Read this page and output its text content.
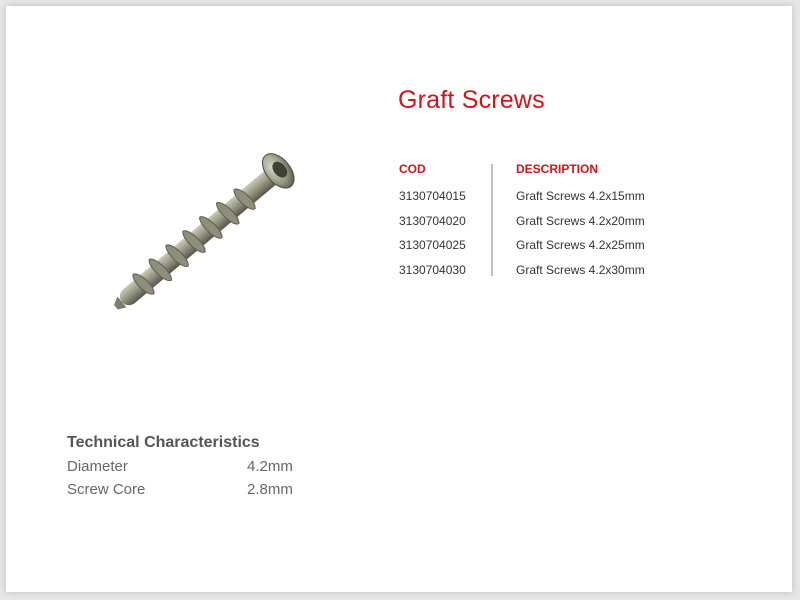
Graft Screws
COD	DESCRIPTION
3130704015	Graft Screws 4.2x15mm
3130704020	Graft Screws 4.2x20mm
3130704025	Graft Screws 4.2x25mm
3130704030	Graft Screws 4.2x30mm
Technical Characteristics
Diameter	4.2mm
Screw Core	2.8mm
